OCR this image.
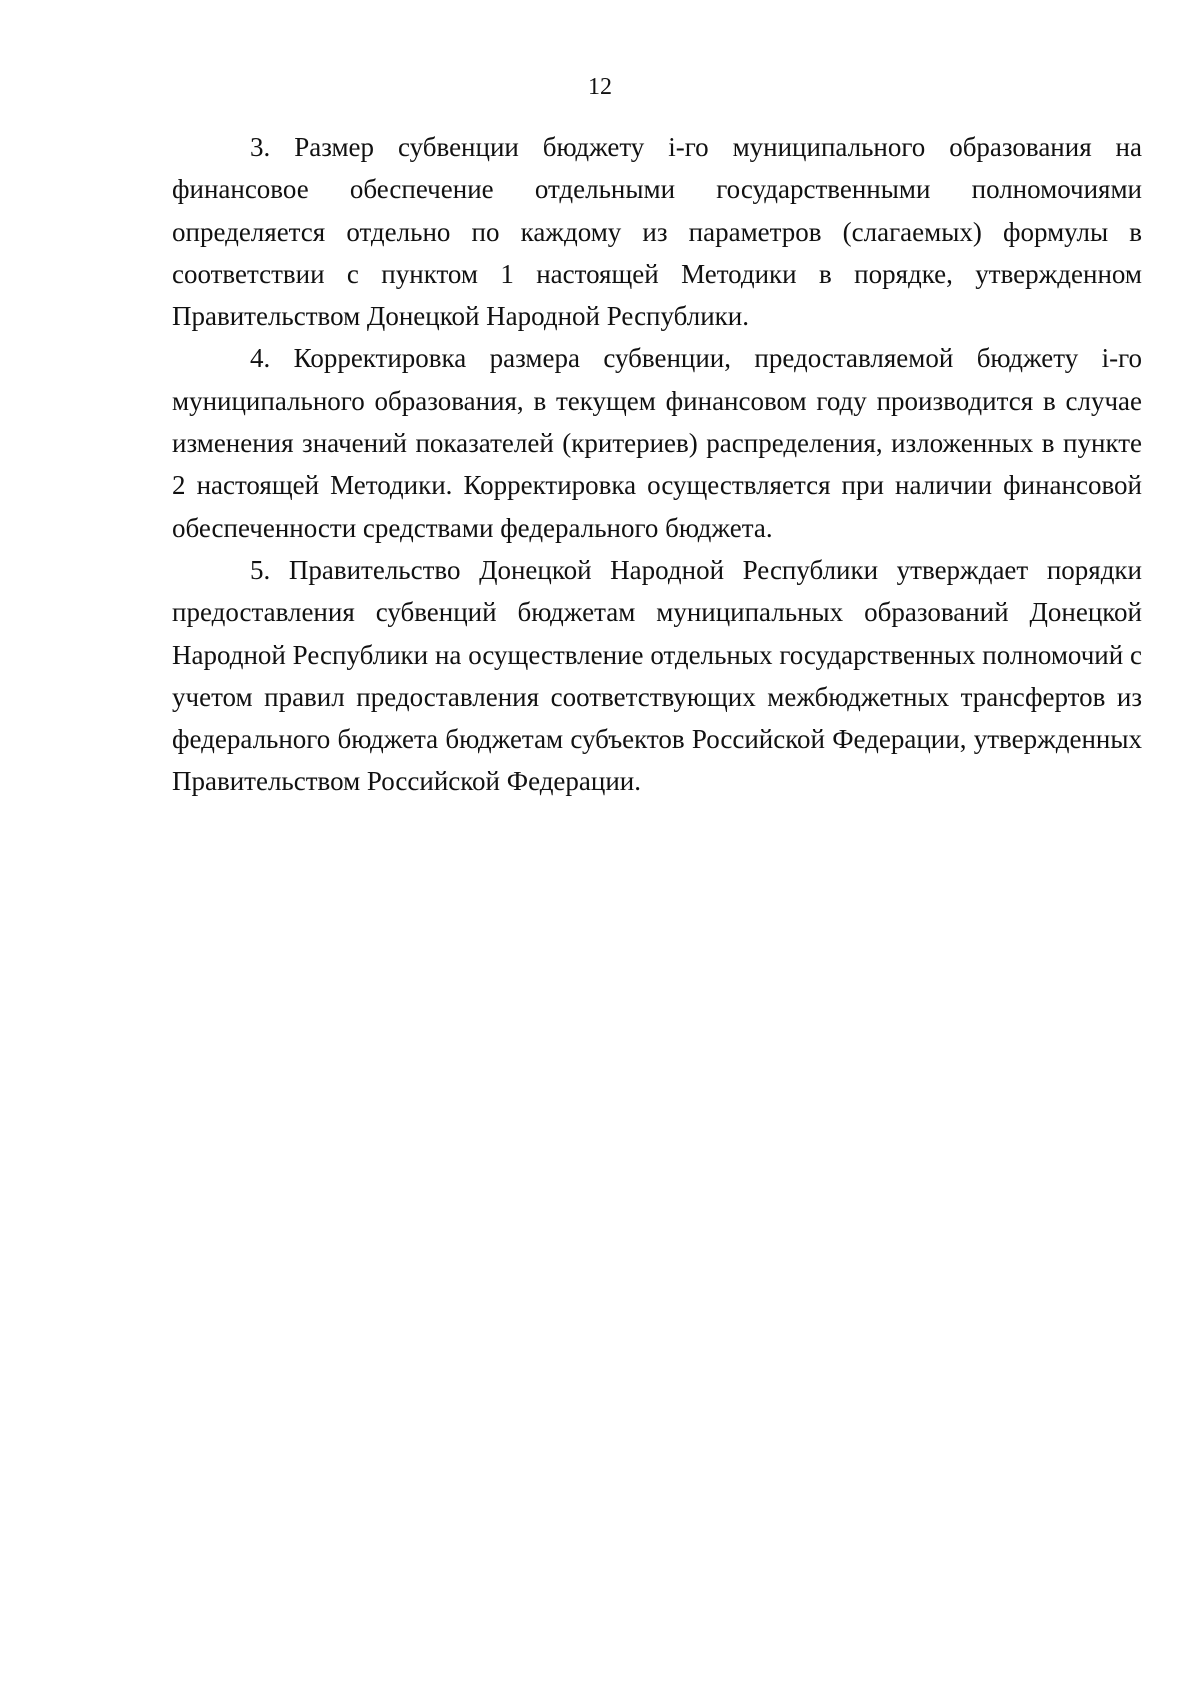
12

3. Размер субвенции бюджету i-го муниципального образования на финансовое обеспечение отдельными государственными полномочиями определяется отдельно по каждому из параметров (слагаемых) формулы в соответствии с пунктом 1 настоящей Методики в порядке, утвержденном Правительством Донецкой Народной Республики.

4. Корректировка размера субвенции, предоставляемой бюджету i-го муниципального образования, в текущем финансовом году производится в случае изменения значений показателей (критериев) распределения, изложенных в пункте 2 настоящей Методики. Корректировка осуществляется при наличии финансовой обеспеченности средствами федерального бюджета.

5. Правительство Донецкой Народной Республики утверждает порядки предоставления субвенций бюджетам муниципальных образований Донецкой Народной Республики на осуществление отдельных государственных полномочий с учетом правил предоставления соответствующих межбюджетных трансфертов из федерального бюджета бюджетам субъектов Российской Федерации, утвержденных Правительством Российской Федерации.
